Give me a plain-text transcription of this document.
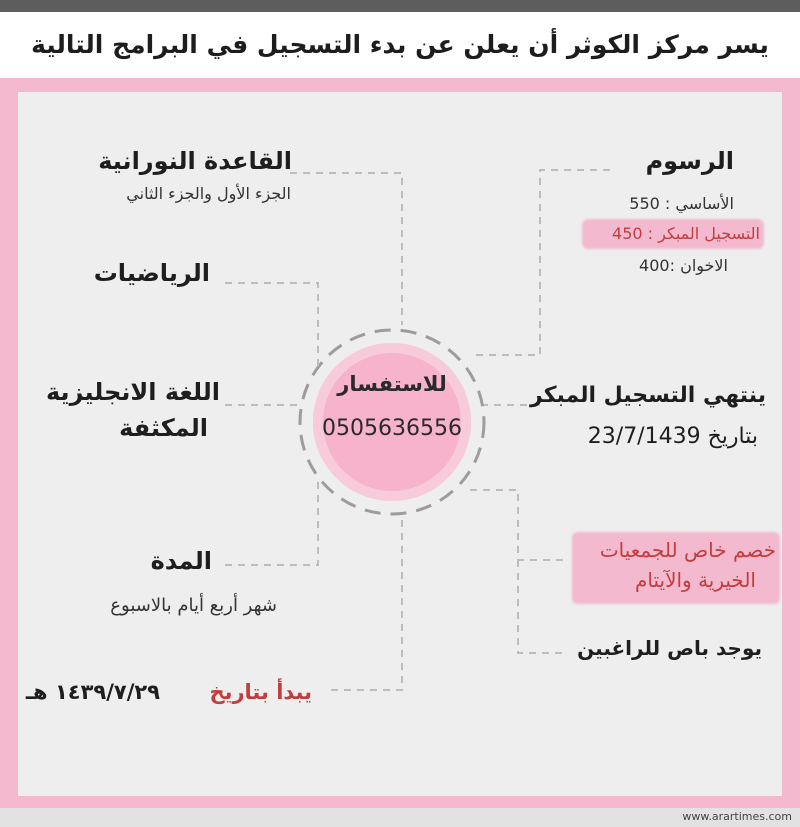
يسر مركز الكوثر أن يعلن عن بدء التسجيل في البرامج التالية
للاستفسار
0505636556
القاعدة النورانية
الجزء الأول والجزء الثاني
الرياضيات
اللغة الانجليزية
المكثفة
المدة
شهر أربع أيام بالاسبوع
يبدأ بتاريخ
١٤٣٩/٧/٢٩ هـ
الرسوم
الأساسي : 550
التسجيل المبكر : 450
الاخوان :400
ينتهي التسجيل المبكر
بتاريخ 23/7/1439
خصم خاص للجمعيات
الخيرية والآيتام
يوجد باص للراغبين
www.arartimes.com
